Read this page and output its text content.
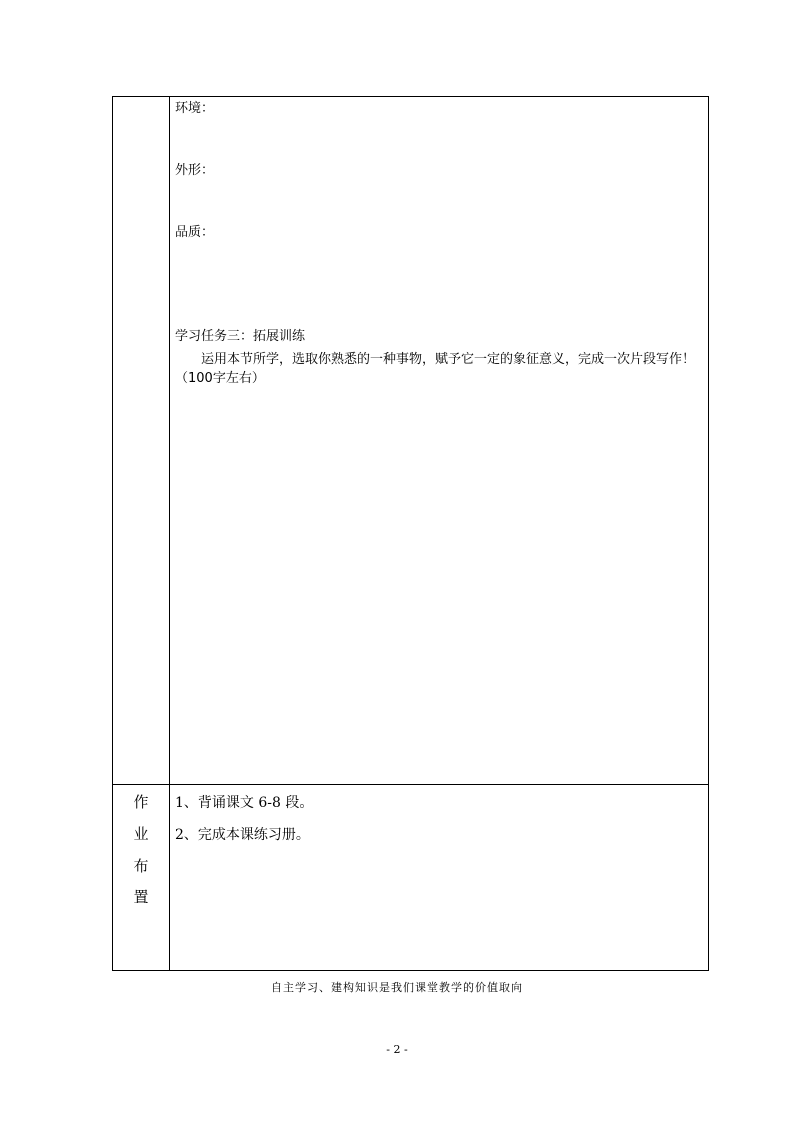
环境：
外形：
品质：
学习任务三：拓展训练
运用本节所学，选取你熟悉的一种事物，赋予它一定的象征意义，完成一次片段写作！（100字左右）
作
业
布
置
1、背诵课文 6-8 段。
2、完成本课练习册。
自主学习、建构知识是我们课堂教学的价值取向
- 2 -
